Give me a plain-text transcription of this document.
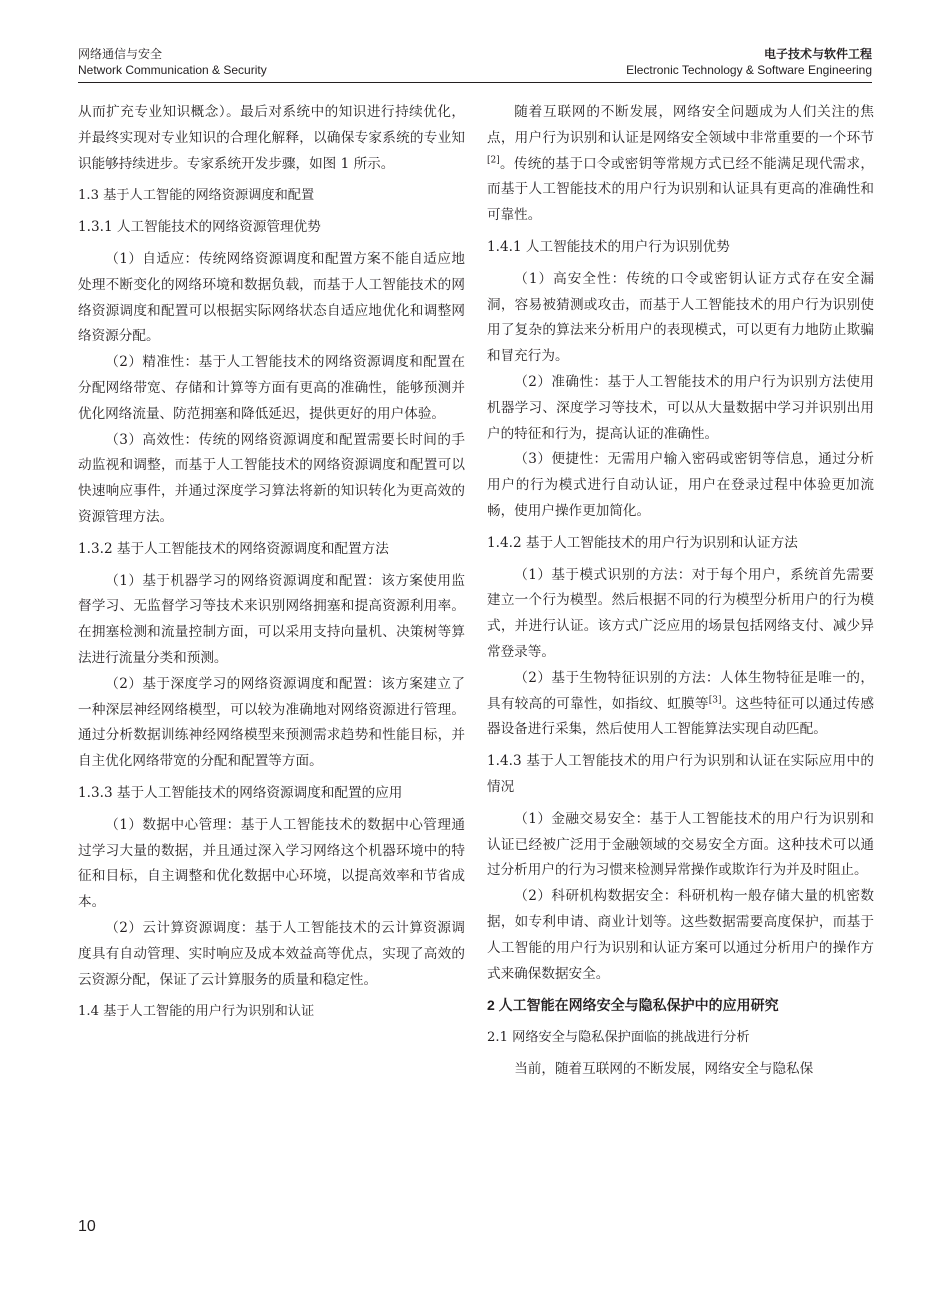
网络通信与安全
Network Communication & Security
电子技术与软件工程
Electronic Technology & Software Engineering

从而扩充专业知识概念）。最后对系统中的知识进行持续优化，并最终实现对专业知识的合理化解释，以确保专家系统的专业知识能够持续进步。专家系统开发步骤，如图 1 所示。

1.3 基于人工智能的网络资源调度和配置

1.3.1 人工智能技术的网络资源管理优势

（1）自适应：传统网络资源调度和配置方案不能自适应地处理不断变化的网络环境和数据负载，而基于人工智能技术的网络资源调度和配置可以根据实际网络状态自适应地优化和调整网络资源分配。

（2）精准性：基于人工智能技术的网络资源调度和配置在分配网络带宽、存储和计算等方面有更高的准确性，能够预测并优化网络流量、防范拥塞和降低延迟，提供更好的用户体验。

（3）高效性：传统的网络资源调度和配置需要长时间的手动监视和调整，而基于人工智能技术的网络资源调度和配置可以快速响应事件，并通过深度学习算法将新的知识转化为更高效的资源管理方法。

1.3.2 基于人工智能技术的网络资源调度和配置方法

（1）基于机器学习的网络资源调度和配置：该方案使用监督学习、无监督学习等技术来识别网络拥塞和提高资源利用率。在拥塞检测和流量控制方面，可以采用支持向量机、决策树等算法进行流量分类和预测。

（2）基于深度学习的网络资源调度和配置：该方案建立了一种深层神经网络模型，可以较为准确地对网络资源进行管理。通过分析数据训练神经网络模型来预测需求趋势和性能目标，并自主优化网络带宽的分配和配置等方面。

1.3.3 基于人工智能技术的网络资源调度和配置的应用

（1）数据中心管理：基于人工智能技术的数据中心管理通过学习大量的数据，并且通过深入学习网络这个机器环境中的特征和目标，自主调整和优化数据中心环境，以提高效率和节省成本。

（2）云计算资源调度：基于人工智能技术的云计算资源调度具有自动管理、实时响应及成本效益高等优点，实现了高效的云资源分配，保证了云计算服务的质量和稳定性。

1.4 基于人工智能的用户行为识别和认证

随着互联网的不断发展，网络安全问题成为人们关注的焦点，用户行为识别和认证是网络安全领域中非常重要的一个环节[2]。传统的基于口令或密钥等常规方式已经不能满足现代需求，而基于人工智能技术的用户行为识别和认证具有更高的准确性和可靠性。

1.4.1 人工智能技术的用户行为识别优势

（1）高安全性：传统的口令或密钥认证方式存在安全漏洞，容易被猜测或攻击，而基于人工智能技术的用户行为识别使用了复杂的算法来分析用户的表现模式，可以更有力地防止欺骗和冒充行为。

（2）准确性：基于人工智能技术的用户行为识别方法使用机器学习、深度学习等技术，可以从大量数据中学习并识别出用户的特征和行为，提高认证的准确性。

（3）便捷性：无需用户输入密码或密钥等信息，通过分析用户的行为模式进行自动认证，用户在登录过程中体验更加流畅，使用户操作更加简化。

1.4.2 基于人工智能技术的用户行为识别和认证方法

（1）基于模式识别的方法：对于每个用户，系统首先需要建立一个行为模型。然后根据不同的行为模型分析用户的行为模式，并进行认证。该方式广泛应用的场景包括网络支付、减少异常登录等。

（2）基于生物特征识别的方法：人体生物特征是唯一的，具有较高的可靠性，如指纹、虹膜等[3]。这些特征可以通过传感器设备进行采集，然后使用人工智能算法实现自动匹配。

1.4.3 基于人工智能技术的用户行为识别和认证在实际应用中的情况

（1）金融交易安全：基于人工智能技术的用户行为识别和认证已经被广泛用于金融领域的交易安全方面。这种技术可以通过分析用户的行为习惯来检测异常操作或欺诈行为并及时阻止。

（2）科研机构数据安全：科研机构一般存储大量的机密数据，如专利申请、商业计划等。这些数据需要高度保护，而基于人工智能的用户行为识别和认证方案可以通过分析用户的操作方式来确保数据安全。

2 人工智能在网络安全与隐私保护中的应用研究

2.1 网络安全与隐私保护面临的挑战进行分析

当前，随着互联网的不断发展，网络安全与隐私保

10
